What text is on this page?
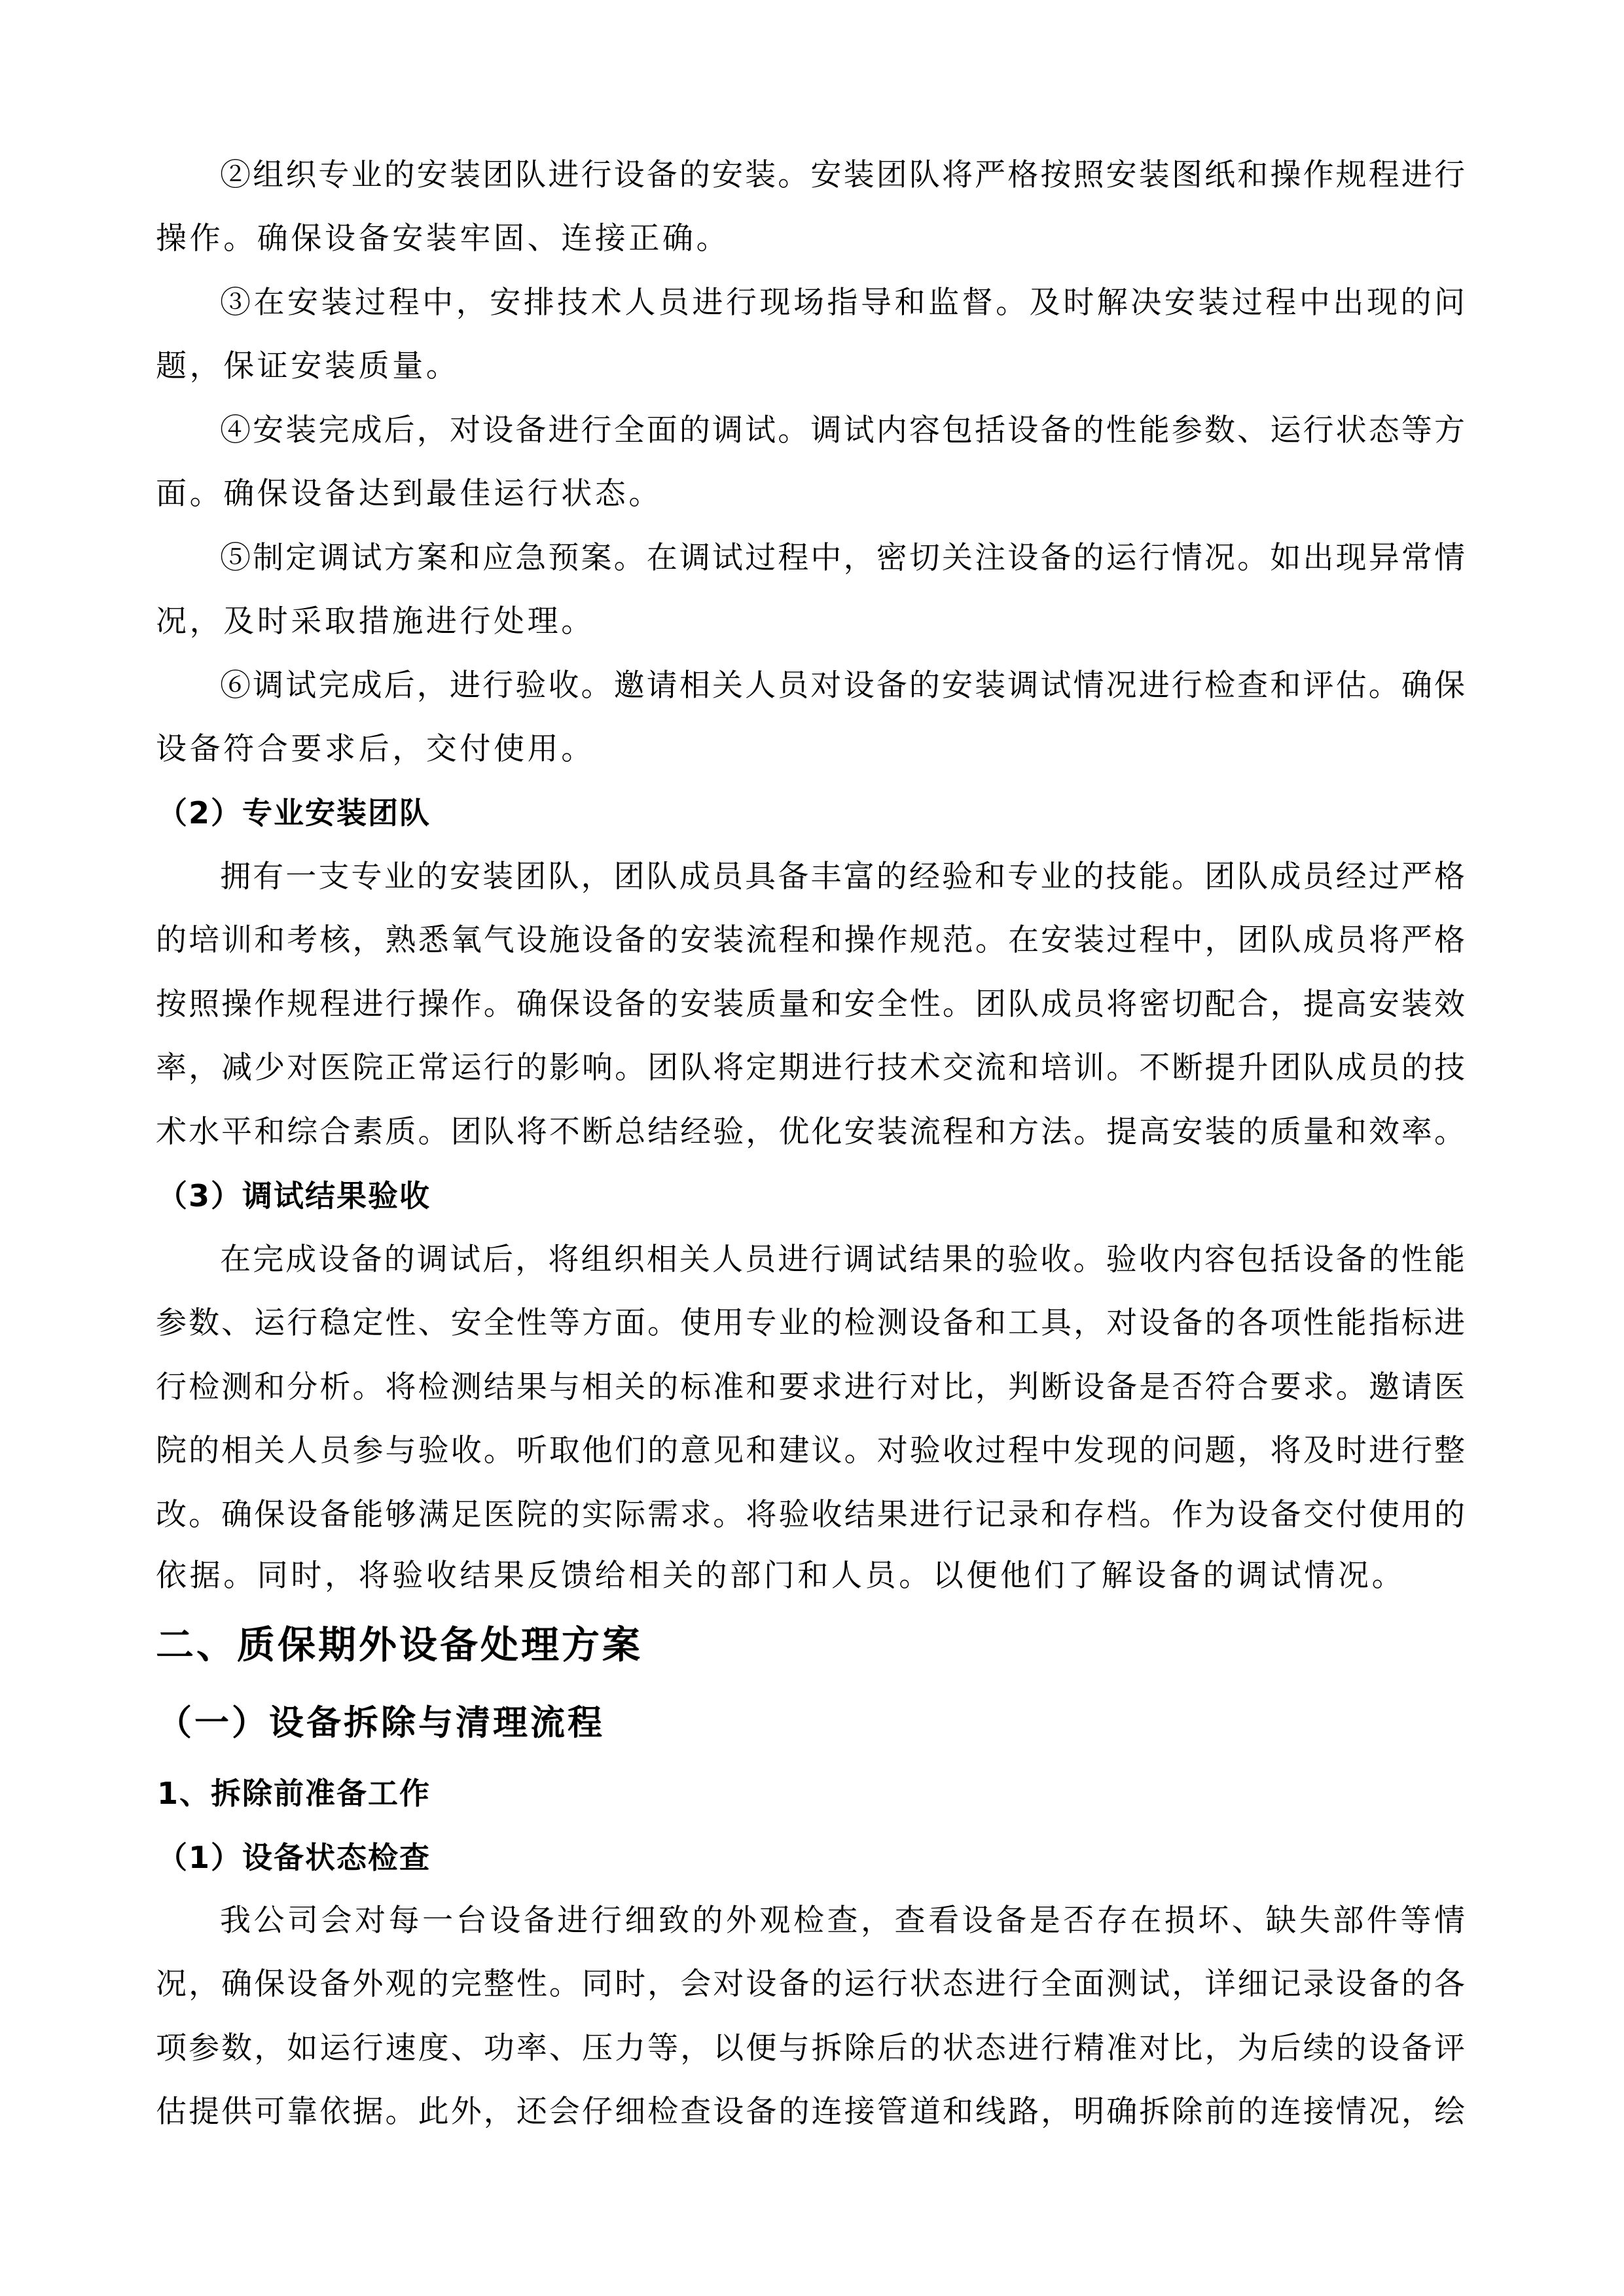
②​组​织​专​业​的​安​装​团​队​进​行​设​备​的​安​装​。​安​装​团​队​将​严​格​按​照​安​装​图​纸​和​操​作​规​程​进​行
操作。确保设备安装牢固、连接正确。
③​在​安​装​过​程​中​，​安​排​技​术​人​员​进​行​现​场​指​导​和​监​督​。​及​时​解​决​安​装​过​程​中​出​现​的​问
题，保证安装质量。
④​安​装​完​成​后​，​对​设​备​进​行​全​面​的​调​试​。​调​试​内​容​包​括​设​备​的​性​能​参​数​、​运​行​状​态​等​方
面。确保设备达到最佳运行状态。
⑤​制​定​调​试​方​案​和​应​急​预​案​。​在​调​试​过​程​中​，​密​切​关​注​设​备​的​运​行​情​况​。​如​出​现​异​常​情
况，及时采取措施进行处理。
⑥​调​试​完​成​后​，​进​行​验​收​。​邀​请​相​关​人​员​对​设​备​的​安​装​调​试​情​况​进​行​检​查​和​评​估​。​确​保
设备符合要求后，交付使用。
（2）专业安装团队
拥​有​一​支​专​业​的​安​装​团​队​，​团​队​成​员​具​备​丰​富​的​经​验​和​专​业​的​技​能​。​团​队​成​员​经​过​严​格
的​培​训​和​考​核​，​熟​悉​氧​气​设​施​设​备​的​安​装​流​程​和​操​作​规​范​。​在​安​装​过​程​中​，​团​队​成​员​将​严​格
按​照​操​作​规​程​进​行​操​作​。​确​保​设​备​的​安​装​质​量​和​安​全​性​。​团​队​成​员​将​密​切​配​合​，​提​高​安​装​效
率​，​减​少​对​医​院​正​常​运​行​的​影​响​。​团​队​将​定​期​进​行​技​术​交​流​和​培​训​。​不​断​提​升​团​队​成​员​的​技
术​水​平​和​综​合​素​质​。​团​队​将​不​断​总​结​经​验​，​优​化​安​装​流​程​和​方​法​。​提​高​安​装​的​质​量​和​效​率​。
（3）调试结果验收
在​完​成​设​备​的​调​试​后​，​将​组​织​相​关​人​员​进​行​调​试​结​果​的​验​收​。​验​收​内​容​包​括​设​备​的​性​能
参​数​、​运​行​稳​定​性​、​安​全​性​等​方​面​。​使​用​专​业​的​检​测​设​备​和​工​具​，​对​设​备​的​各​项​性​能​指​标​进
行​检​测​和​分​析​。​将​检​测​结​果​与​相​关​的​标​准​和​要​求​进​行​对​比​，​判​断​设​备​是​否​符​合​要​求​。​邀​请​医
院​的​相​关​人​员​参​与​验​收​。​听​取​他​们​的​意​见​和​建​议​。​对​验​收​过​程​中​发​现​的​问​题​，​将​及​时​进​行​整
改​。​确​保​设​备​能​够​满​足​医​院​的​实​际​需​求​。​将​验​收​结​果​进​行​记​录​和​存​档​。​作​为​设​备​交​付​使​用​的
依据。同时，将验收结果反馈给相关的部门和人员。以便他们了解设备的调试情况。
二、质保期外设备处理方案
（一）设备拆除与清理流程
1、拆除前准备工作
（1）设备状态检查
我​公​司​会​对​每​一​台​设​备​进​行​细​致​的​外​观​检​查​，​查​看​设​备​是​否​存​在​损​坏​、​缺​失​部​件​等​情
况​，​确​保​设​备​外​观​的​完​整​性​。​同​时​，​会​对​设​备​的​运​行​状​态​进​行​全​面​测​试​，​详​细​记​录​设​备​的​各
项​参​数​，​如​运​行​速​度​、​功​率​、​压​力​等​，​以​便​与​拆​除​后​的​状​态​进​行​精​准​对​比​，​为​后​续​的​设​备​评
估​提​供​可​靠​依​据​。​此​外​，​还​会​仔​细​检​查​设​备​的​连​接​管​道​和​线​路​，​明​确​拆​除​前​的​连​接​情​况​，​绘
